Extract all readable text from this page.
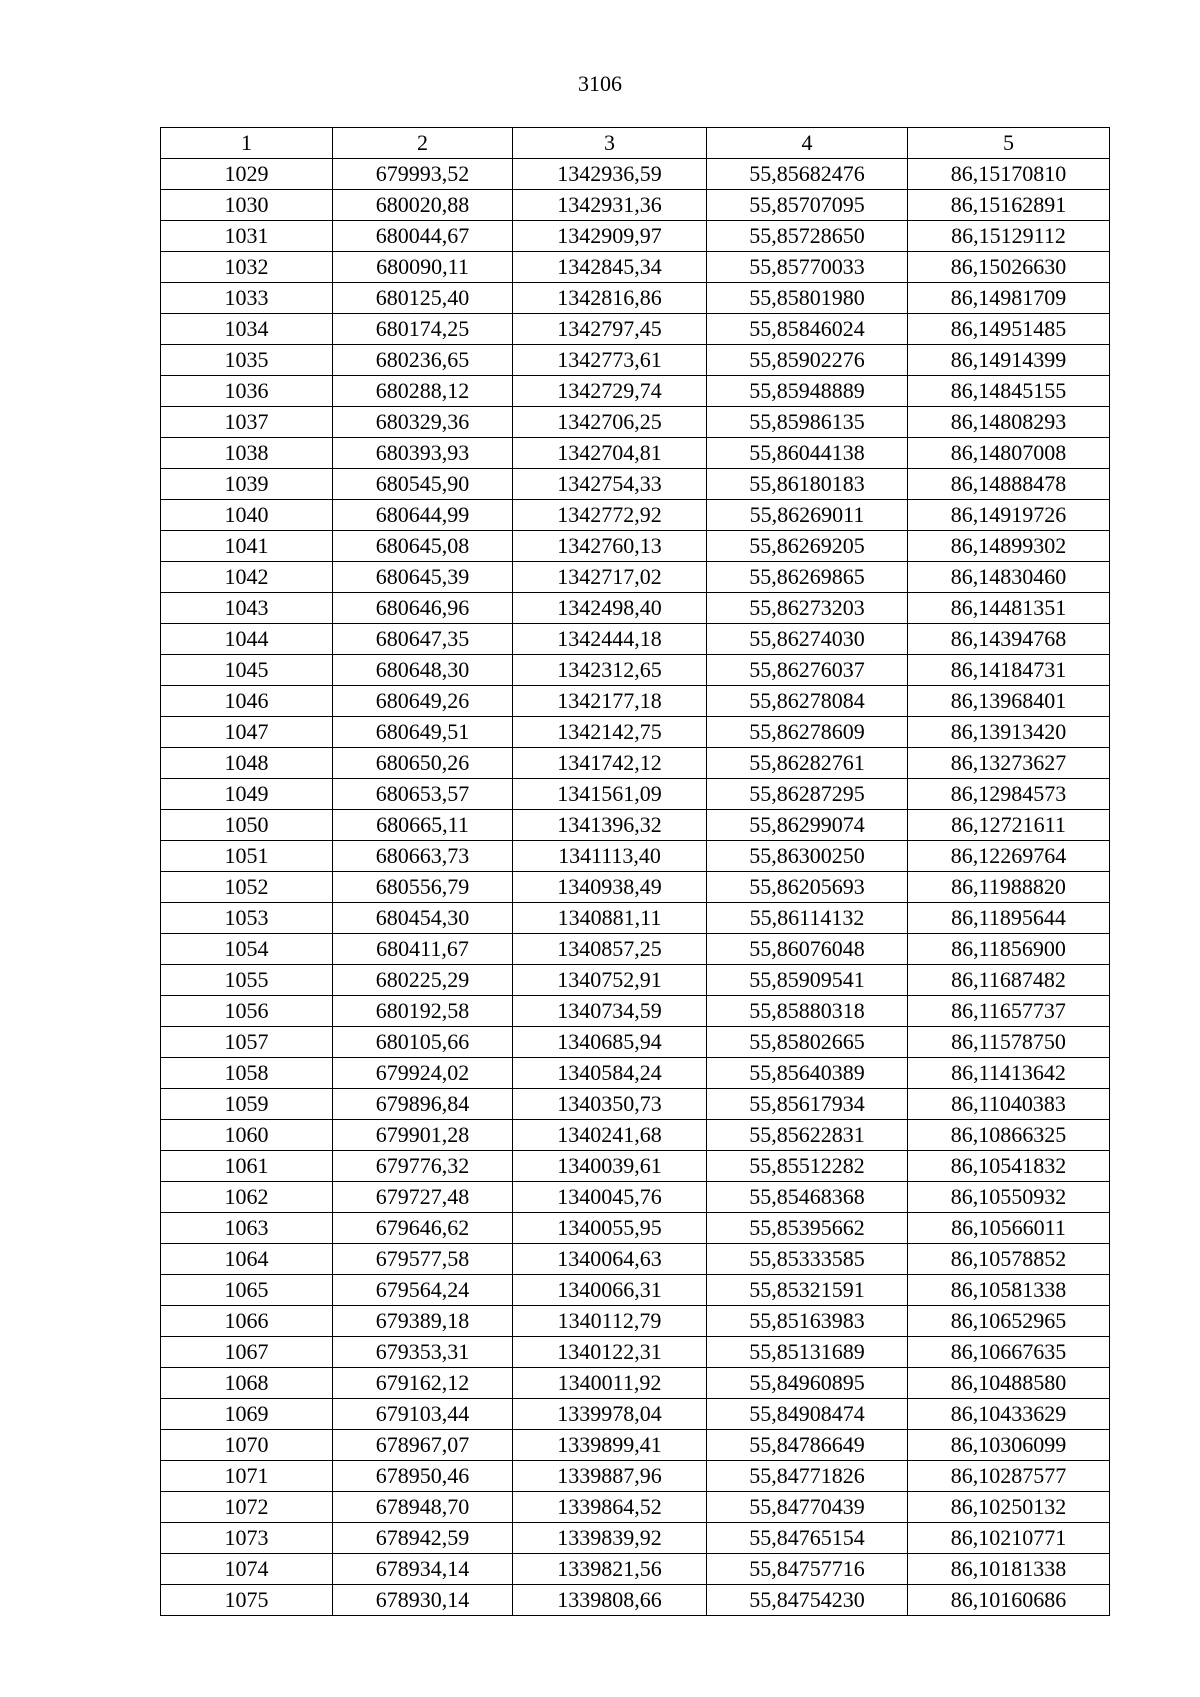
3106
1	2	3	4	5
1029	679993,52	1342936,59	55,85682476	86,15170810
1030	680020,88	1342931,36	55,85707095	86,15162891
1031	680044,67	1342909,97	55,85728650	86,15129112
1032	680090,11	1342845,34	55,85770033	86,15026630
1033	680125,40	1342816,86	55,85801980	86,14981709
1034	680174,25	1342797,45	55,85846024	86,14951485
1035	680236,65	1342773,61	55,85902276	86,14914399
1036	680288,12	1342729,74	55,85948889	86,14845155
1037	680329,36	1342706,25	55,85986135	86,14808293
1038	680393,93	1342704,81	55,86044138	86,14807008
1039	680545,90	1342754,33	55,86180183	86,14888478
1040	680644,99	1342772,92	55,86269011	86,14919726
1041	680645,08	1342760,13	55,86269205	86,14899302
1042	680645,39	1342717,02	55,86269865	86,14830460
1043	680646,96	1342498,40	55,86273203	86,14481351
1044	680647,35	1342444,18	55,86274030	86,14394768
1045	680648,30	1342312,65	55,86276037	86,14184731
1046	680649,26	1342177,18	55,86278084	86,13968401
1047	680649,51	1342142,75	55,86278609	86,13913420
1048	680650,26	1341742,12	55,86282761	86,13273627
1049	680653,57	1341561,09	55,86287295	86,12984573
1050	680665,11	1341396,32	55,86299074	86,12721611
1051	680663,73	1341113,40	55,86300250	86,12269764
1052	680556,79	1340938,49	55,86205693	86,11988820
1053	680454,30	1340881,11	55,86114132	86,11895644
1054	680411,67	1340857,25	55,86076048	86,11856900
1055	680225,29	1340752,91	55,85909541	86,11687482
1056	680192,58	1340734,59	55,85880318	86,11657737
1057	680105,66	1340685,94	55,85802665	86,11578750
1058	679924,02	1340584,24	55,85640389	86,11413642
1059	679896,84	1340350,73	55,85617934	86,11040383
1060	679901,28	1340241,68	55,85622831	86,10866325
1061	679776,32	1340039,61	55,85512282	86,10541832
1062	679727,48	1340045,76	55,85468368	86,10550932
1063	679646,62	1340055,95	55,85395662	86,10566011
1064	679577,58	1340064,63	55,85333585	86,10578852
1065	679564,24	1340066,31	55,85321591	86,10581338
1066	679389,18	1340112,79	55,85163983	86,10652965
1067	679353,31	1340122,31	55,85131689	86,10667635
1068	679162,12	1340011,92	55,84960895	86,10488580
1069	679103,44	1339978,04	55,84908474	86,10433629
1070	678967,07	1339899,41	55,84786649	86,10306099
1071	678950,46	1339887,96	55,84771826	86,10287577
1072	678948,70	1339864,52	55,84770439	86,10250132
1073	678942,59	1339839,92	55,84765154	86,10210771
1074	678934,14	1339821,56	55,84757716	86,10181338
1075	678930,14	1339808,66	55,84754230	86,10160686
